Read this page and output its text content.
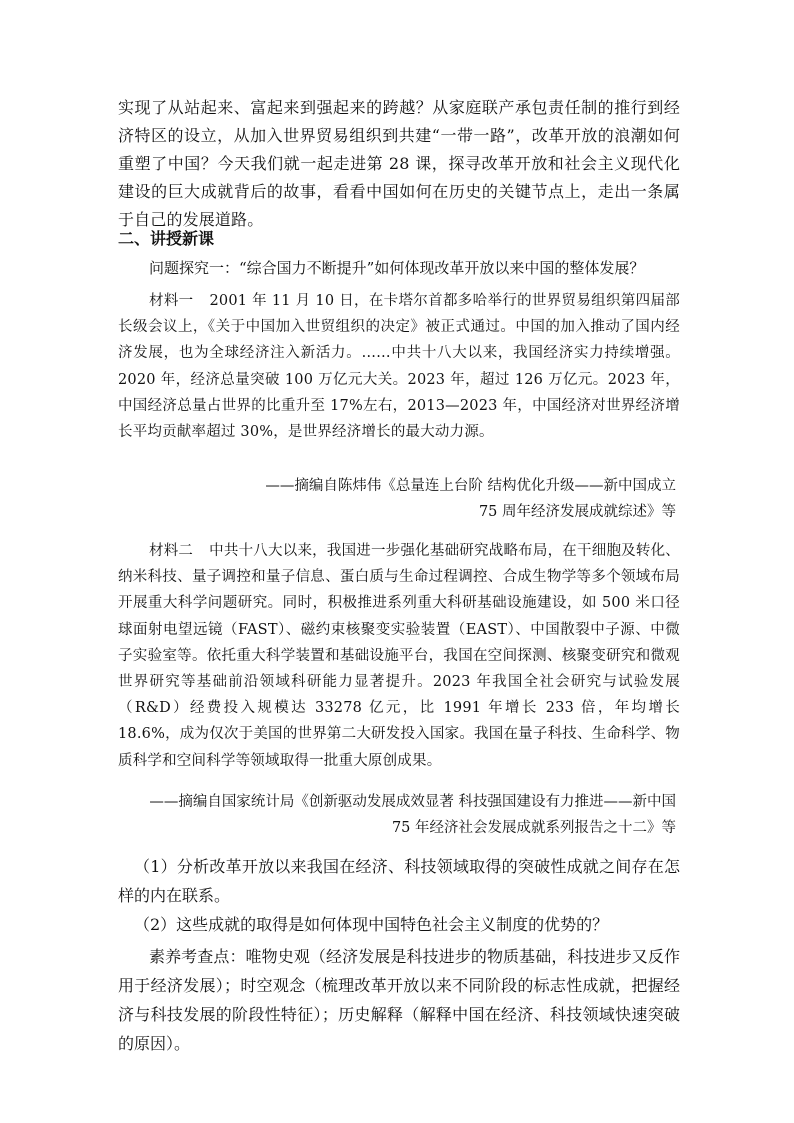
实现了从站起来、富起来到强起来的跨越？从家庭联产承包责任制的推行到经济特区的设立，从加入世界贸易组织到共建“一带一路”，改革开放的浪潮如何重塑了中国？今天我们就一起走进第 28 课，探寻改革开放和社会主义现代化建设的巨大成就背后的故事，看看中国如何在历史的关键节点上，走出一条属于自己的发展道路。

二、讲授新课

问题探究一：“综合国力不断提升”如何体现改革开放以来中国的整体发展？

材料一 2001 年 11 月 10 日，在卡塔尔首都多哈举行的世界贸易组织第四届部长级会议上，《关于中国加入世贸组织的决定》被正式通过。中国的加入推动了国内经济发展，也为全球经济注入新活力。……中共十八大以来，我国经济实力持续增强。2020 年，经济总量突破 100 万亿元大关。2023 年，超过 126 万亿元。2023 年，中国经济总量占世界的比重升至 17%左右，2013—2023 年，中国经济对世界经济增长平均贡献率超过 30%，是世界经济增长的最大动力源。

——摘编自陈炜伟《总量连上台阶 结构优化升级——新中国成立
75 周年经济发展成就综述》等

材料二 中共十八大以来，我国进一步强化基础研究战略布局，在干细胞及转化、纳米科技、量子调控和量子信息、蛋白质与生命过程调控、合成生物学等多个领域布局开展重大科学问题研究。同时，积极推进系列重大科研基础设施建设，如 500 米口径球面射电望远镜（FAST）、磁约束核聚变实验装置（EAST）、中国散裂中子源、中微子实验室等。依托重大科学装置和基础设施平台，我国在空间探测、核聚变研究和微观世界研究等基础前沿领域科研能力显著提升。2023 年我国全社会研究与试验发展（R&D）经费投入规模达 33278 亿元，比 1991 年增长 233 倍，年均增长 18.6%，成为仅次于美国的世界第二大研发投入国家。我国在量子科技、生命科学、物质科学和空间科学等领域取得一批重大原创成果。

——摘编自国家统计局《创新驱动发展成效显著 科技强国建设有力推进——新中国
75 年经济社会发展成就系列报告之十二》等

（1）分析改革开放以来我国在经济、科技领域取得的突破性成就之间存在怎样的内在联系。

（2）这些成就的取得是如何体现中国特色社会主义制度的优势的？

素养考查点：唯物史观（经济发展是科技进步的物质基础，科技进步又反作用于经济发展）；时空观念（梳理改革开放以来不同阶段的标志性成就，把握经济与科技发展的阶段性特征）；历史解释（解释中国在经济、科技领域快速突破的原因）。
